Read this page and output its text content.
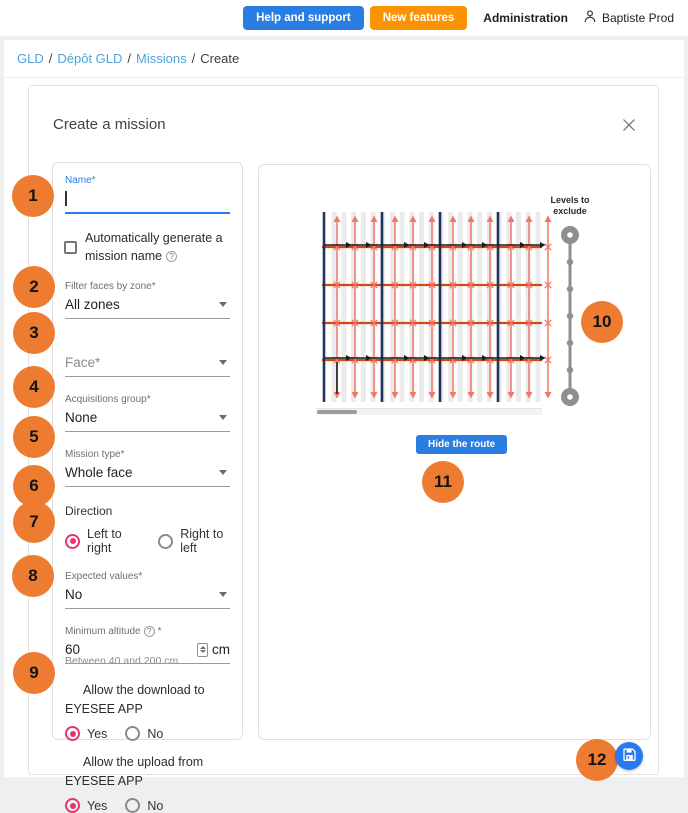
Help and support	New features	Administration	Baptiste Prod
GLD / Dépôt GLD / Missions / Create
Create a mission
Name*
Automatically generate a mission name ?
Filter faces by zone*
All zones
Face*
Acquisitions group*
None
Mission type*
Whole face
Direction
Left to right
Right to left
Expected values*
No
Minimum altitude ? *
60	cm
Between 40 and 200 cm
Allow the download to EYESEE APP
Yes	No
Allow the upload from EYESEE APP
Yes	No
Levels to exclude
Hide the route
1
2
3
4
5
6
7
8
9
10
11
12
